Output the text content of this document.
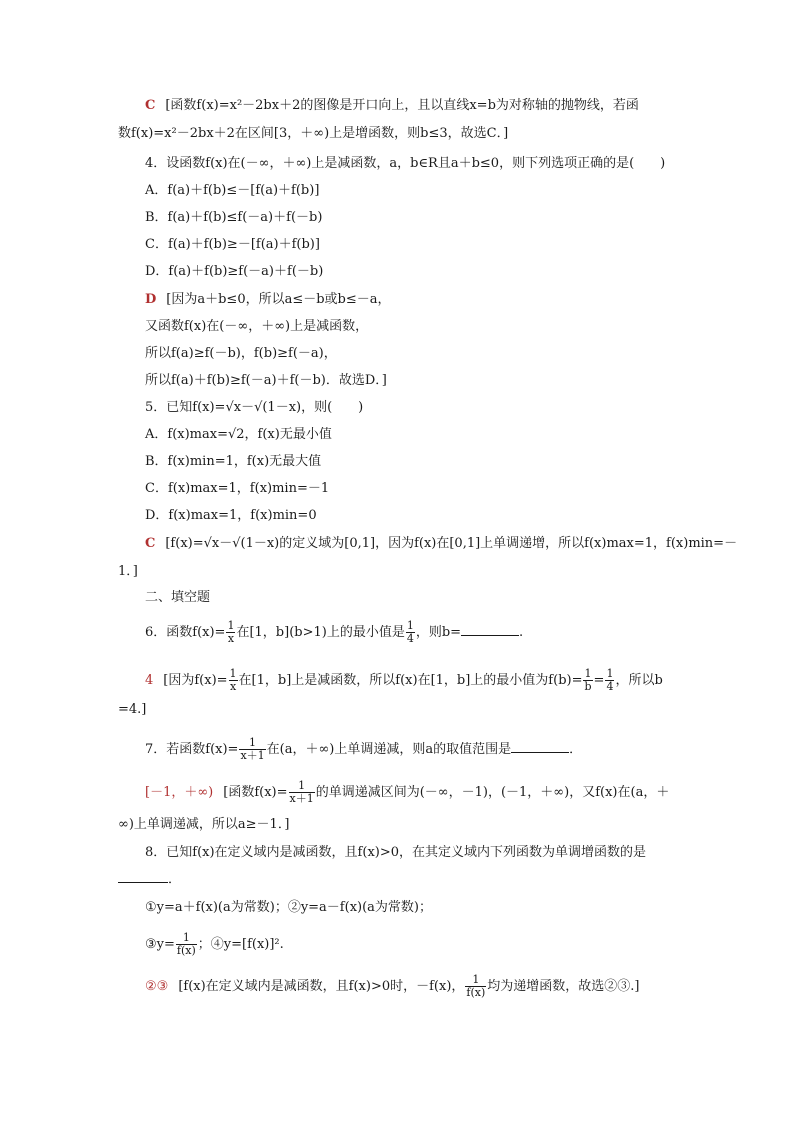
C [函数f(x)=x²－2bx＋2的图像是开口向上，且以直线x=b为对称轴的抛物线，若函
数f(x)=x²－2bx＋2在区间[3，＋∞)上是增函数，则b≤3，故选C．]
4．设函数f(x)在(－∞，＋∞)上是减函数，a，b∈R且a＋b≤0，则下列选项正确的是(　　)
A．f(a)＋f(b)≤－[f(a)＋f(b)]
B．f(a)＋f(b)≤f(－a)＋f(－b)
C．f(a)＋f(b)≥－[f(a)＋f(b)]
D．f(a)＋f(b)≥f(－a)＋f(－b)
D [因为a＋b≤0，所以a≤－b或b≤－a，
又函数f(x)在(－∞，＋∞)上是减函数，
所以f(a)≥f(－b)，f(b)≥f(－a)，
所以f(a)＋f(b)≥f(－a)＋f(－b)．故选D．]
5．已知f(x)=√x－√(1－x)，则(　　)
A．f(x)max=√2，f(x)无最小值
B．f(x)min=1，f(x)无最大值
C．f(x)max=1，f(x)min=－1
D．f(x)max=1，f(x)min=0
C [f(x)=√x－√(1－x)的定义域为[0,1]，因为f(x)在[0,1]上单调递增，所以f(x)max=1，f(x)min=－
1．]
二、填空题
6．函数$f(x)= \frac{1}{x}$ 在[1，b](b>1)上的最小值是 $\frac{1}{4}$ ，则b=	.
4 [因为$f(x)= \frac{1}{x}$ 在[1，b]上是减函数，所以f(x)在[1，b]上的最小值为$f(b)= \frac{1}{b} = \frac{1}{4}$ ，所以b
=4.]
7．若函数$f(x)= \frac{1}{x+1}$ 在(a，＋∞)上单调递减，则a的取值范围是	．
[－1，＋∞) [函数$f(x)= \frac{1}{x+1}$ 的单调递减区间为(－∞，－1)，(－1，＋∞)，又f(x)在(a，＋
∞)上单调递减，所以a≥－1．]
8．已知f(x)在定义域内是减函数，且f(x)>0，在其定义域内下列函数为单调增函数的是
．
①y=a＋f(x)(a为常数)；②y=a－f(x)(a为常数)；
③y= $\frac{1}{f(x)}$ ；④y=[f(x)]².
②③ [f(x)在定义域内是减函数，且f(x)>0时，－f(x)， $\frac{1}{f(x)}$ 均为递增函数，故选②③.]
